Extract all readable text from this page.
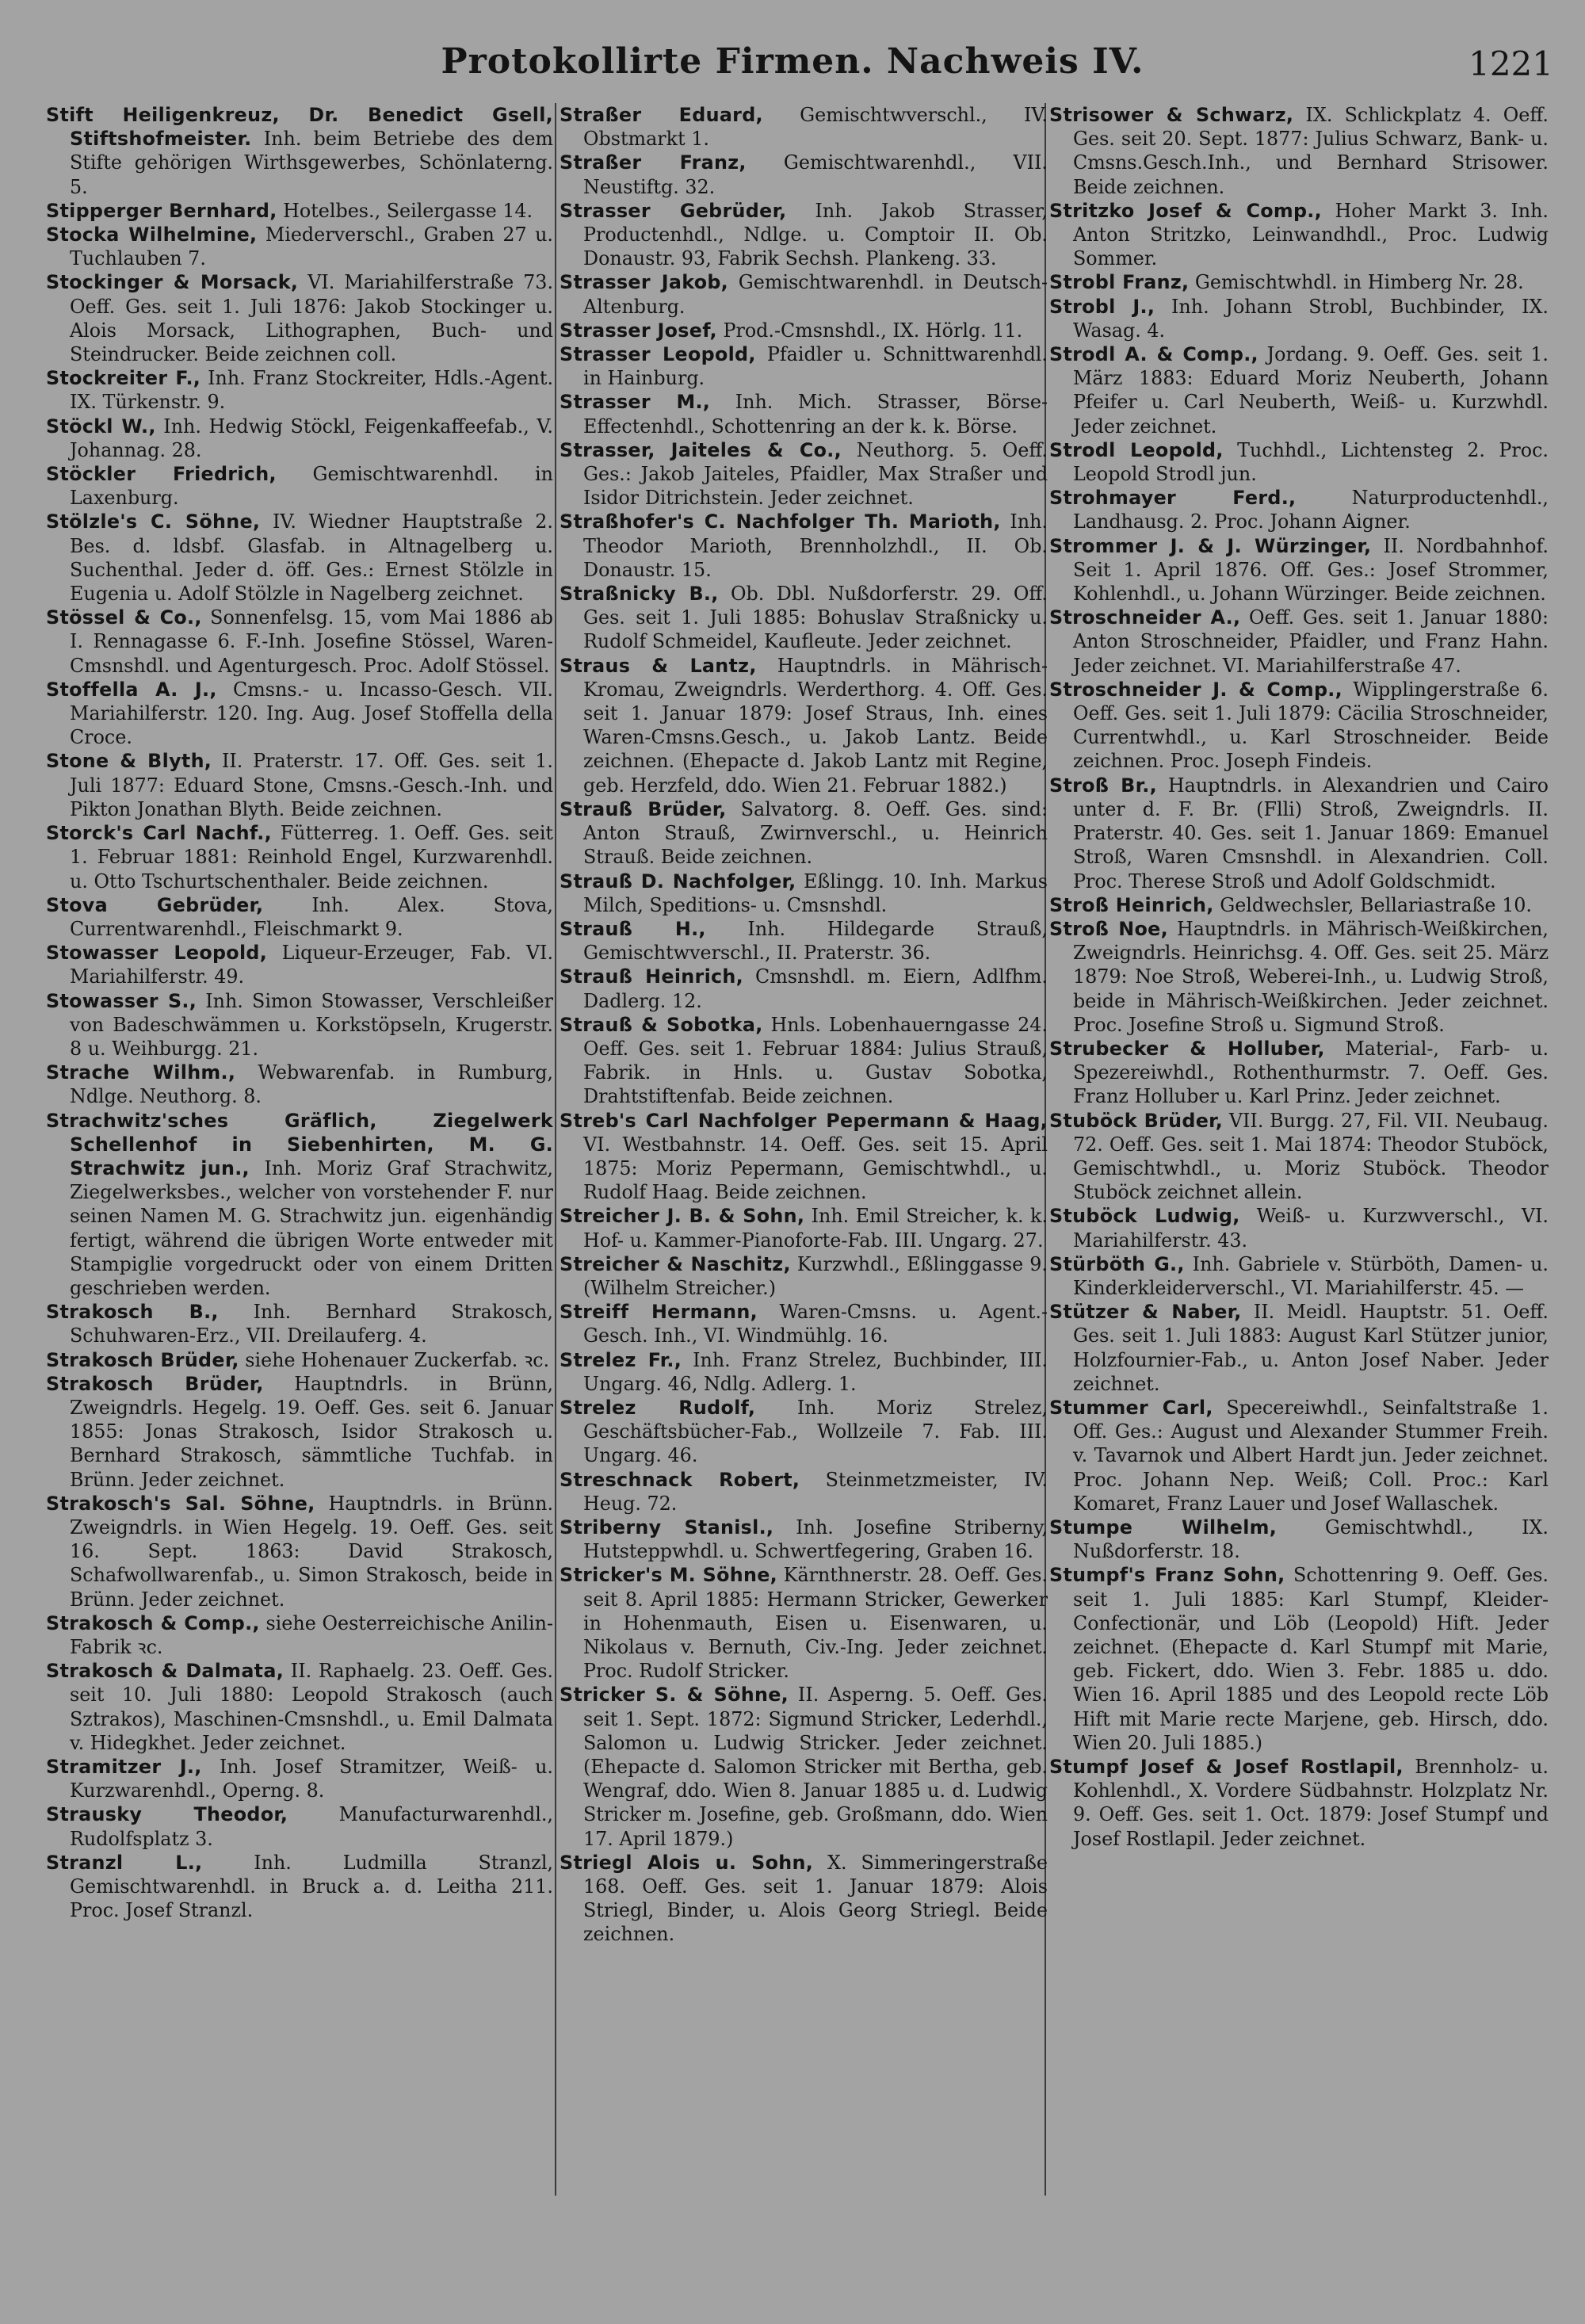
Protokollirte Firmen. Nachweis IV.	1221

Stift Heiligenkreuz, Dr. Benedict Gsell, Stiftshofmeister. Inh. beim Betriebe des dem Stifte gehörigen Wirthsgewerbes, Schönlaterng. 5.

Stipperger Bernhard, Hotelbes., Seilergasse 14.

Stocka Wilhelmine, Miederverschl., Graben 27 u. Tuchlauben 7.

Stockinger & Morsack, VI. Mariahilferstraße 73. Oeff. Ges. seit 1. Juli 1876: Jakob Stockinger u. Alois Morsack, Lithographen, Buch- und Steindrucker. Beide zeichnen coll.

Stockreiter F., Inh. Franz Stockreiter, Hdls.-Agent. IX. Türkenstr. 9.

Stöckl W., Inh. Hedwig Stöckl, Feigenkaffeefab., V. Johannag. 28.

Stöckler Friedrich, Gemischtwarenhdl. in Laxenburg.

Stölzle's C. Söhne, IV. Wiedner Hauptstraße 2. Bes. d. ldsbf. Glasfab. in Altnagelberg u. Suchenthal. Jeder d. öff. Ges.: Ernest Stölzle in Eugenia u. Adolf Stölzle in Nagelberg zeichnet.

Stössel & Co., Sonnenfelsg. 15, vom Mai 1886 ab I. Rennagasse 6. F.-Inh. Josefine Stössel, Waren-Cmsnshdl. und Agenturgesch. Proc. Adolf Stössel.

Stoffella A. J., Cmsns.- u. Incasso-Gesch. VII. Mariahilferstr. 120. Ing. Aug. Josef Stoffella della Croce.

Stone & Blyth, II. Praterstr. 17. Off. Ges. seit 1. Juli 1877: Eduard Stone, Cmsns.-Gesch.-Inh. und Pikton Jonathan Blyth. Beide zeichnen.

Storck's Carl Nachf., Fütterreg. 1. Oeff. Ges. seit 1. Februar 1881: Reinhold Engel, Kurzwarenhdl. u. Otto Tschurtschenthaler. Beide zeichnen.

Stova Gebrüder, Inh. Alex. Stova, Currentwarenhdl., Fleischmarkt 9.

Stowasser Leopold, Liqueur-Erzeuger, Fab. VI. Mariahilferstr. 49.

Stowasser S., Inh. Simon Stowasser, Verschleißer von Badeschwämmen u. Korkstöpseln, Krugerstr. 8 u. Weihburgg. 21.

Strache Wilhm., Webwarenfab. in Rumburg, Ndlge. Neuthorg. 8.

Strachwitz'sches Gräflich, Ziegelwerk Schellenhof in Siebenhirten, M. G. Strachwitz jun., Inh. Moriz Graf Strachwitz, Ziegelwerksbes., welcher von vorstehender F. nur seinen Namen M. G. Strachwitz jun. eigenhändig fertigt, während die übrigen Worte entweder mit Stampiglie vorgedruckt oder von einem Dritten geschrieben werden.

Strakosch B., Inh. Bernhard Strakosch, Schuhwaren-Erz., VII. Dreilauferg. 4.

Strakosch Brüder, siehe Hohenauer Zuckerfab. ꝛc.

Strakosch Brüder, Hauptndrls. in Brünn, Zweigndrls. Hegelg. 19. Oeff. Ges. seit 6. Januar 1855: Jonas Strakosch, Isidor Strakosch u. Bernhard Strakosch, sämmtliche Tuchfab. in Brünn. Jeder zeichnet.

Strakosch's Sal. Söhne, Hauptndrls. in Brünn. Zweigndrls. in Wien Hegelg. 19. Oeff. Ges. seit 16. Sept. 1863: David Strakosch, Schafwollwarenfab., u. Simon Strakosch, beide in Brünn. Jeder zeichnet.

Strakosch & Comp., siehe Oesterreichische Anilin-Fabrik ꝛc.

Strakosch & Dalmata, II. Raphaelg. 23. Oeff. Ges. seit 10. Juli 1880: Leopold Strakosch (auch Sztrakos), Maschinen-Cmsnshdl., u. Emil Dalmata v. Hidegkhet. Jeder zeichnet.

Stramitzer J., Inh. Josef Stramitzer, Weiß- u. Kurzwarenhdl., Operng. 8.

Strausky Theodor, Manufacturwarenhdl., Rudolfsplatz 3.

Stranzl L., Inh. Ludmilla Stranzl, Gemischtwarenhdl. in Bruck a. d. Leitha 211. Proc. Josef Stranzl.

Straßer Eduard, Gemischtwverschl., IV. Obstmarkt 1.

Straßer Franz, Gemischtwarenhdl., VII. Neustiftg. 32.

Strasser Gebrüder, Inh. Jakob Strasser, Productenhdl., Ndlge. u. Comptoir II. Ob. Donaustr. 93, Fabrik Sechsh. Plankeng. 33.

Strasser Jakob, Gemischtwarenhdl. in Deutsch-Altenburg.

Strasser Josef, Prod.-Cmsnshdl., IX. Hörlg. 11.

Strasser Leopold, Pfaidler u. Schnittwarenhdl. in Hainburg.

Strasser M., Inh. Mich. Strasser, Börse-Effectenhdl., Schottenring an der k. k. Börse.

Strasser, Jaiteles & Co., Neuthorg. 5. Oeff. Ges.: Jakob Jaiteles, Pfaidler, Max Straßer und Isidor Ditrichstein. Jeder zeichnet.

Straßhofer's C. Nachfolger Th. Marioth, Inh. Theodor Marioth, Brennholzhdl., II. Ob. Donaustr. 15.

Straßnicky B., Ob. Dbl. Nußdorferstr. 29. Off. Ges. seit 1. Juli 1885: Bohuslav Straßnicky u. Rudolf Schmeidel, Kaufleute. Jeder zeichnet.

Straus & Lantz, Hauptndrls. in Mährisch-Kromau, Zweigndrls. Werderthorg. 4. Off. Ges. seit 1. Januar 1879: Josef Straus, Inh. eines Waren-Cmsns.Gesch., u. Jakob Lantz. Beide zeichnen. (Ehepacte d. Jakob Lantz mit Regine, geb. Herzfeld, ddo. Wien 21. Februar 1882.)

Strauß Brüder, Salvatorg. 8. Oeff. Ges. sind: Anton Strauß, Zwirnverschl., u. Heinrich Strauß. Beide zeichnen.

Strauß D. Nachfolger, Eßlingg. 10. Inh. Markus Milch, Speditions- u. Cmsnshdl.

Strauß H., Inh. Hildegarde Strauß, Gemischtwverschl., II. Praterstr. 36.

Strauß Heinrich, Cmsnshdl. m. Eiern, Adlfhm. Dadlerg. 12.

Strauß & Sobotka, Hnls. Lobenhauerngasse 24. Oeff. Ges. seit 1. Februar 1884: Julius Strauß, Fabrik. in Hnls. u. Gustav Sobotka, Drahtstiftenfab. Beide zeichnen.

Streb's Carl Nachfolger Pepermann & Haag, VI. Westbahnstr. 14. Oeff. Ges. seit 15. April 1875: Moriz Pepermann, Gemischtwhdl., u. Rudolf Haag. Beide zeichnen.

Streicher J. B. & Sohn, Inh. Emil Streicher, k. k. Hof- u. Kammer-Pianoforte-Fab. III. Ungarg. 27.

Streicher & Naschitz, Kurzwhdl., Eßlinggasse 9. (Wilhelm Streicher.)

Streiff Hermann, Waren-Cmsns. u. Agent.-Gesch. Inh., VI. Windmühlg. 16.

Strelez Fr., Inh. Franz Strelez, Buchbinder, III. Ungarg. 46, Ndlg. Adlerg. 1.

Strelez Rudolf, Inh. Moriz Strelez, Geschäftsbücher-Fab., Wollzeile 7. Fab. III. Ungarg. 46.

Streschnack Robert, Steinmetzmeister, IV. Heug. 72.

Striberny Stanisl., Inh. Josefine Striberny, Hutsteppwhdl. u. Schwertfegering, Graben 16.

Stricker's M. Söhne, Kärnthnerstr. 28. Oeff. Ges. seit 8. April 1885: Hermann Stricker, Gewerker in Hohenmauth, Eisen u. Eisenwaren, u. Nikolaus v. Bernuth, Civ.-Ing. Jeder zeichnet. Proc. Rudolf Stricker.

Stricker S. & Söhne, II. Asperng. 5. Oeff. Ges. seit 1. Sept. 1872: Sigmund Stricker, Lederhdl., Salomon u. Ludwig Stricker. Jeder zeichnet. (Ehepacte d. Salomon Stricker mit Bertha, geb. Wengraf, ddo. Wien 8. Januar 1885 u. d. Ludwig Stricker m. Josefine, geb. Großmann, ddo. Wien 17. April 1879.)

Striegl Alois u. Sohn, X. Simmeringerstraße 168. Oeff. Ges. seit 1. Januar 1879: Alois Striegl, Binder, u. Alois Georg Striegl. Beide zeichnen.

Strisower & Schwarz, IX. Schlickplatz 4. Oeff. Ges. seit 20. Sept. 1877: Julius Schwarz, Bank- u. Cmsns.Gesch.Inh., und Bernhard Strisower. Beide zeichnen.

Stritzko Josef & Comp., Hoher Markt 3. Inh. Anton Stritzko, Leinwandhdl., Proc. Ludwig Sommer.

Strobl Franz, Gemischtwhdl. in Himberg Nr. 28.

Strobl J., Inh. Johann Strobl, Buchbinder, IX. Wasag. 4.

Strodl A. & Comp., Jordang. 9. Oeff. Ges. seit 1. März 1883: Eduard Moriz Neuberth, Johann Pfeifer u. Carl Neuberth, Weiß- u. Kurzwhdl. Jeder zeichnet.

Strodl Leopold, Tuchhdl., Lichtensteg 2. Proc. Leopold Strodl jun.

Strohmayer Ferd., Naturproductenhdl., Landhausg. 2. Proc. Johann Aigner.

Strommer J. & J. Würzinger, II. Nordbahnhof. Seit 1. April 1876. Off. Ges.: Josef Strommer, Kohlenhdl., u. Johann Würzinger. Beide zeichnen.

Stroschneider A., Oeff. Ges. seit 1. Januar 1880: Anton Stroschneider, Pfaidler, und Franz Hahn. Jeder zeichnet. VI. Mariahilferstraße 47.

Stroschneider J. & Comp., Wipplingerstraße 6. Oeff. Ges. seit 1. Juli 1879: Cäcilia Stroschneider, Currentwhdl., u. Karl Stroschneider. Beide zeichnen. Proc. Joseph Findeis.

Stroß Br., Hauptndrls. in Alexandrien und Cairo unter d. F. Br. (Flli) Stroß, Zweigndrls. II. Praterstr. 40. Ges. seit 1. Januar 1869: Emanuel Stroß, Waren Cmsnshdl. in Alexandrien. Coll. Proc. Therese Stroß und Adolf Goldschmidt.

Stroß Heinrich, Geldwechsler, Bellariastraße 10.

Stroß Noe, Hauptndrls. in Mährisch-Weißkirchen, Zweigndrls. Heinrichsg. 4. Off. Ges. seit 25. März 1879: Noe Stroß, Weberei-Inh., u. Ludwig Stroß, beide in Mährisch-Weißkirchen. Jeder zeichnet. Proc. Josefine Stroß u. Sigmund Stroß.

Strubecker & Holluber, Material-, Farb- u. Spezereiwhdl., Rothenthurmstr. 7. Oeff. Ges. Franz Holluber u. Karl Prinz. Jeder zeichnet.

Stuböck Brüder, VII. Burgg. 27, Fil. VII. Neubaug. 72. Oeff. Ges. seit 1. Mai 1874: Theodor Stuböck, Gemischtwhdl., u. Moriz Stuböck. Theodor Stuböck zeichnet allein.

Stuböck Ludwig, Weiß- u. Kurzwverschl., VI. Mariahilferstr. 43.

Stürböth G., Inh. Gabriele v. Stürböth, Damen- u. Kinderkleiderverschl., VI. Mariahilferstr. 45. —

Stützer & Naber, II. Meidl. Hauptstr. 51. Oeff. Ges. seit 1. Juli 1883: August Karl Stützer junior, Holzfournier-Fab., u. Anton Josef Naber. Jeder zeichnet.

Stummer Carl, Specereiwhdl., Seinfaltstraße 1. Off. Ges.: August und Alexander Stummer Freih. v. Tavarnok und Albert Hardt jun. Jeder zeichnet. Proc. Johann Nep. Weiß; Coll. Proc.: Karl Komaret, Franz Lauer und Josef Wallaschek.

Stumpe Wilhelm, Gemischtwhdl., IX. Nußdorferstr. 18.

Stumpf's Franz Sohn, Schottenring 9. Oeff. Ges. seit 1. Juli 1885: Karl Stumpf, Kleider-Confectionär, und Löb (Leopold) Hift. Jeder zeichnet. (Ehepacte d. Karl Stumpf mit Marie, geb. Fickert, ddo. Wien 3. Febr. 1885 u. ddo. Wien 16. April 1885 und des Leopold recte Löb Hift mit Marie recte Marjene, geb. Hirsch, ddo. Wien 20. Juli 1885.)

Stumpf Josef & Josef Rostlapil, Brennholz- u. Kohlenhdl., X. Vordere Südbahnstr. Holzplatz Nr. 9. Oeff. Ges. seit 1. Oct. 1879: Josef Stumpf und Josef Rostlapil. Jeder zeichnet.
